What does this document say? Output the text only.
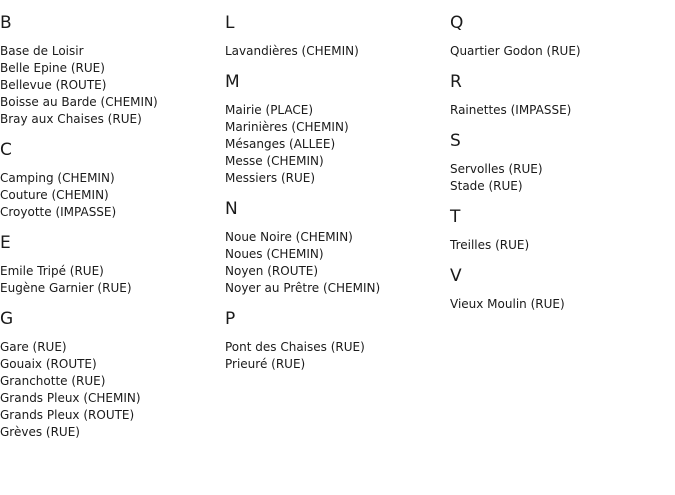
B
Base de Loisir
Belle Epine (RUE)
Bellevue (ROUTE)
Boisse au Barde (CHEMIN)
Bray aux Chaises (RUE)
C
Camping (CHEMIN)
Couture (CHEMIN)
Croyotte (IMPASSE)
E
Emile Tripé (RUE)
Eugène Garnier (RUE)
G
Gare (RUE)
Gouaix (ROUTE)
Granchotte (RUE)
Grands Pleux (CHEMIN)
Grands Pleux (ROUTE)
Grèves (RUE)
L
Lavandières (CHEMIN)
M
Mairie (PLACE)
Marinières (CHEMIN)
Mésanges (ALLEE)
Messe (CHEMIN)
Messiers (RUE)
N
Noue Noire (CHEMIN)
Noues (CHEMIN)
Noyen (ROUTE)
Noyer au Prêtre (CHEMIN)
P
Pont des Chaises (RUE)
Prieuré (RUE)
Q
Quartier Godon (RUE)
R
Rainettes (IMPASSE)
S
Servolles (RUE)
Stade (RUE)
T
Treilles (RUE)
V
Vieux Moulin (RUE)
